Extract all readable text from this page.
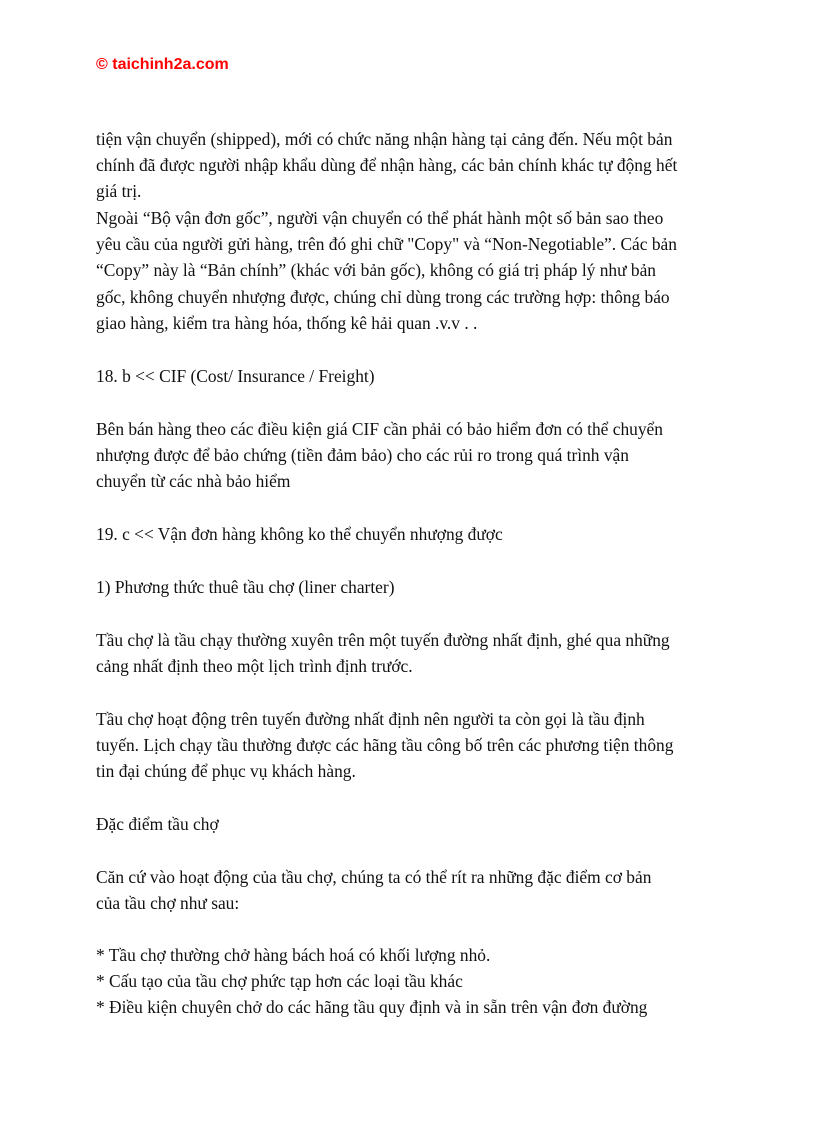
© taichinh2a.com
tiện vận chuyển (shipped), mới có chức năng nhận hàng tại cảng đến. Nếu một bản
chính đã được người nhập khẩu dùng để nhận hàng, các bản chính khác tự động hết
giá trị.
Ngoài “Bộ vận đơn gốc”, người vận chuyển có thể phát hành một số bản sao theo
yêu cầu của người gửi hàng, trên đó ghi chữ "Copy" và “Non-Negotiable”. Các bản
“Copy” này là “Bản chính” (khác với bản gốc), không có giá trị pháp lý như bản
gốc, không chuyển nhượng được, chúng chỉ dùng trong các trường hợp: thông báo
giao hàng, kiểm tra hàng hóa, thống kê hải quan .v.v . .
18. b << CIF (Cost/ Insurance / Freight)
Bên bán hàng theo các điều kiện giá CIF cần phải có bảo hiểm đơn có thể chuyển
nhượng được để bảo chứng (tiền đảm bảo) cho các rủi ro trong quá trình vận
chuyển từ các nhà bảo hiểm
19. c << Vận đơn hàng không ko thể chuyển nhượng được
1) Phương thức thuê tầu chợ (liner charter)
Tầu chợ là tầu chạy thường xuyên trên một tuyến đường nhất định, ghé qua những
cảng nhất định theo một lịch trình định trước.
Tầu chợ hoạt động trên tuyến đường nhất định nên người ta còn gọi là tầu định
tuyến. Lịch chạy tầu thường được các hãng tầu công bố trên các phương tiện thông
tin đại chúng để phục vụ khách hàng.
Đặc điểm tầu chợ
Căn cứ vào hoạt động của tầu chợ, chúng ta có thể rít ra những đặc điểm cơ bản
của tầu chợ như sau:
* Tầu chợ thường chở hàng bách hoá có khối lượng nhỏ.
* Cấu tạo của tầu chợ phức tạp hơn các loại tầu khác
* Điều kiện chuyên chở do các hãng tầu quy định và in sẵn trên vận đơn đường
